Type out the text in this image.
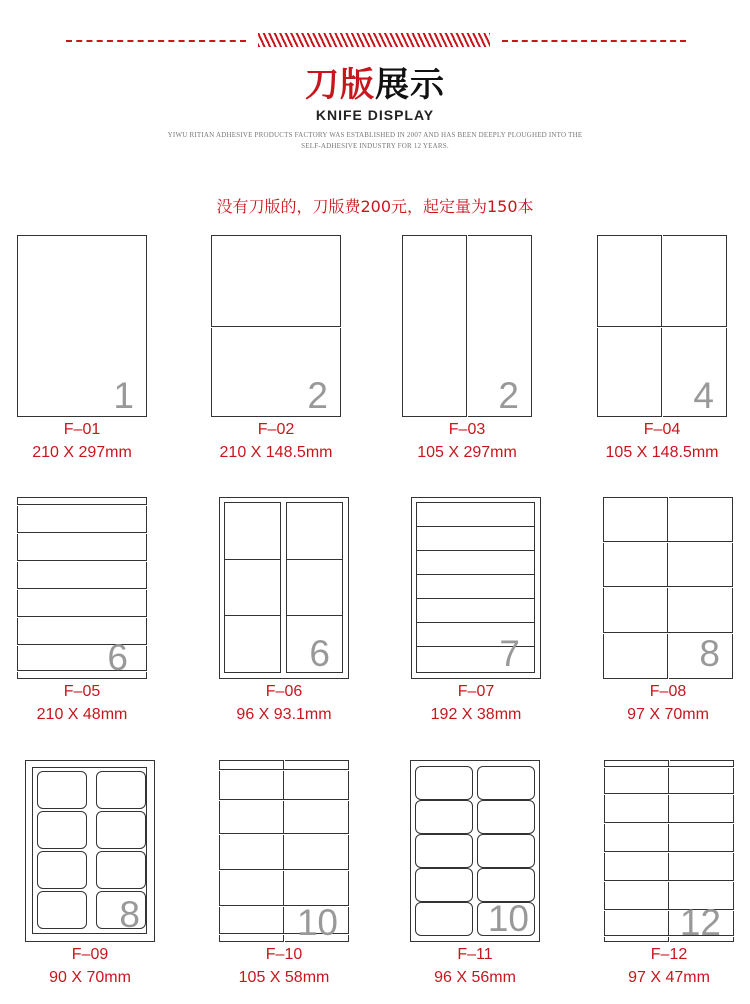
刀版展示
KNIFE DISPLAY
YIWU RITIAN ADHESIVE PRODUCTS FACTORY WAS ESTABLISHED IN 2007 AND HAS BEEN DEEPLY PLOUGHED INTO THE
SELF-ADHESIVE INDUSTRY FOR 12 YEARS.
没有刀版的，刀版费200元，起定量为150本
1
F–01
210 X 297mm
2
F–02
210 X 148.5mm
2
F–03
105 X 297mm
4
F–04
105 X 148.5mm
6
F–05
210 X 48mm
6
F–06
96 X 93.1mm
7
F–07
192 X 38mm
8
F–08
97 X 70mm
8
F–09
90 X 70mm
10
F–10
105 X 58mm
10
F–11
96 X 56mm
12
F–12
97 X 47mm
